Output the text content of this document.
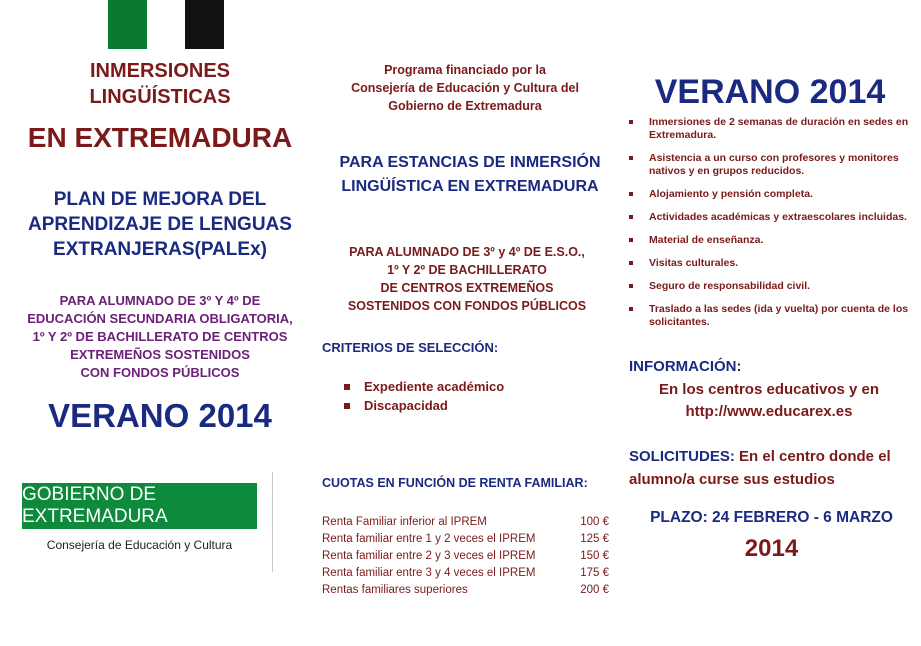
INMERSIONES
LINGÜÍSTICAS
EN EXTREMADURA
PLAN DE MEJORA DEL
APRENDIZAJE DE LENGUAS
EXTRANJERAS(PALEx)
PARA ALUMNADO DE 3º Y 4º DE
EDUCACIÓN SECUNDARIA OBLIGATORIA,
1º Y 2º DE BACHILLERATO DE CENTROS
EXTREMEÑOS SOSTENIDOS
CON FONDOS PÚBLICOS
VERANO 2014
GOBIERNO DE EXTREMADURA
Consejería de Educación y Cultura
Programa financiado por la
Consejería de Educación y Cultura del
Gobierno de Extremadura
PARA ESTANCIAS DE INMERSIÓN
LINGÜÍSTICA EN EXTREMADURA
PARA ALUMNADO DE 3º y 4º DE E.S.O.,
1º Y 2º DE BACHILLERATO
DE CENTROS EXTREMEÑOS
SOSTENIDOS CON FONDOS PÚBLICOS
CRITERIOS DE SELECCIÓN:
Expediente académico
Discapacidad
CUOTAS EN FUNCIÓN DE RENTA FAMILIAR:
Renta Familiar inferior al IPREM	100 €
Renta familiar entre 1 y 2 veces el IPREM	125 €
Renta familiar entre 2 y 3 veces el IPREM	150 €
Renta familiar entre 3 y 4 veces el IPREM	175 €
Rentas familiares superiores	200 €
VERANO 2014
Inmersiones de 2 semanas de duración en sedes en Extremadura.
Asistencia a un curso con profesores y monitores nativos y en grupos reducidos.
Alojamiento y pensión completa.
Actividades académicas y extraescolares incluidas.
Material de enseñanza.
Visitas culturales.
Seguro de responsabilidad civil.
Traslado a las sedes (ida y vuelta) por cuenta de los solicitantes.
INFORMACIÓN:
En los centros educativos y en
http://www.educarex.es
SOLICITUDES: En el centro donde el alumno/a curse sus estudios
PLAZO: 24 FEBRERO - 6 MARZO
2014
